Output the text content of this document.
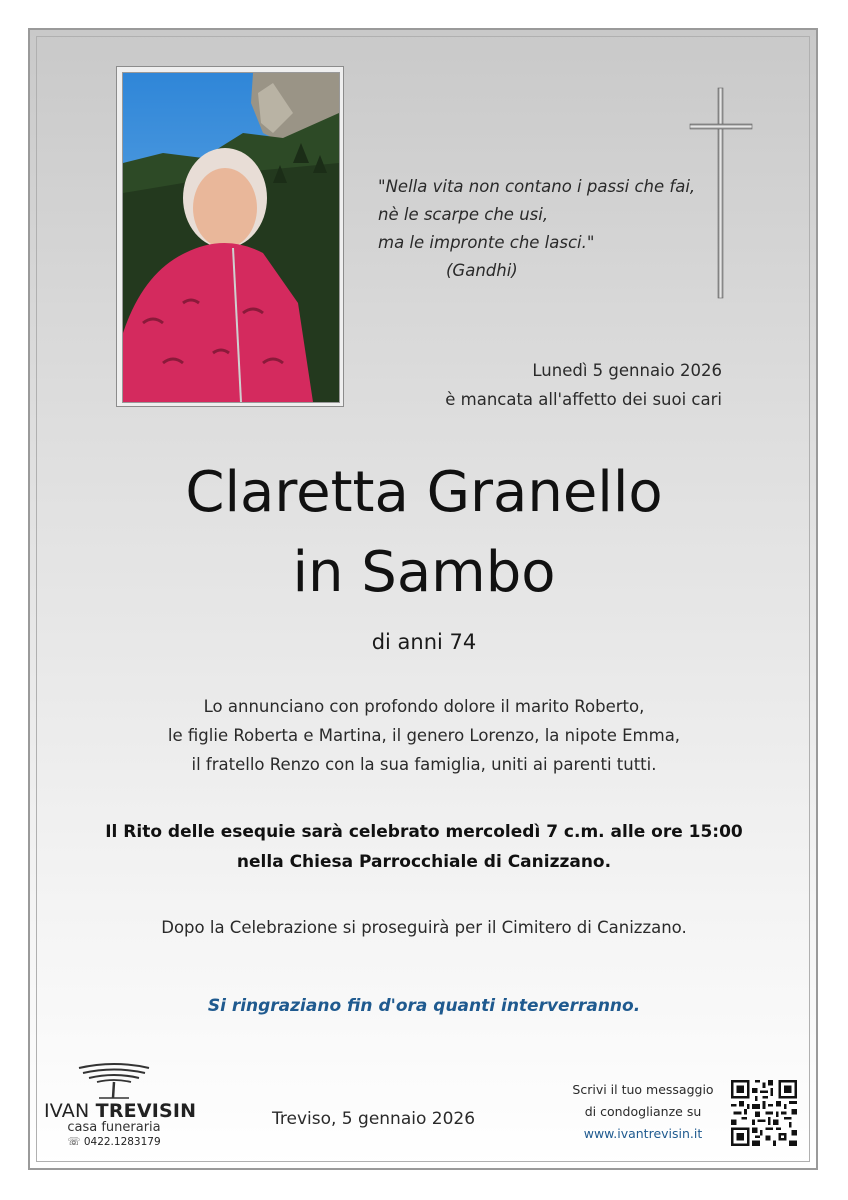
"Nella vita non contano i passi che fai,
nè le scarpe che usi,
ma le impronte che lasci."
(Gandhi)
Lunedì 5 gennaio 2026
è mancata all'affetto dei suoi cari
Claretta Granello
in Sambo
di anni 74
Lo annunciano con profondo dolore il marito Roberto,
le figlie Roberta e Martina, il genero Lorenzo, la nipote Emma,
il fratello Renzo con la sua famiglia, uniti ai parenti tutti.
Il Rito delle esequie sarà celebrato mercoledì 7 c.m. alle ore 15:00
nella Chiesa Parrocchiale di Canizzano.
Dopo la Celebrazione si proseguirà per il Cimitero di Canizzano.
Si ringraziano fin d'ora quanti interverranno.
IVAN TREVISIN
casa funeraria
☏ 0422.1283179
Treviso, 5 gennaio 2026
Scrivi il tuo messaggio
di condoglianze su
www.ivantrevisin.it
